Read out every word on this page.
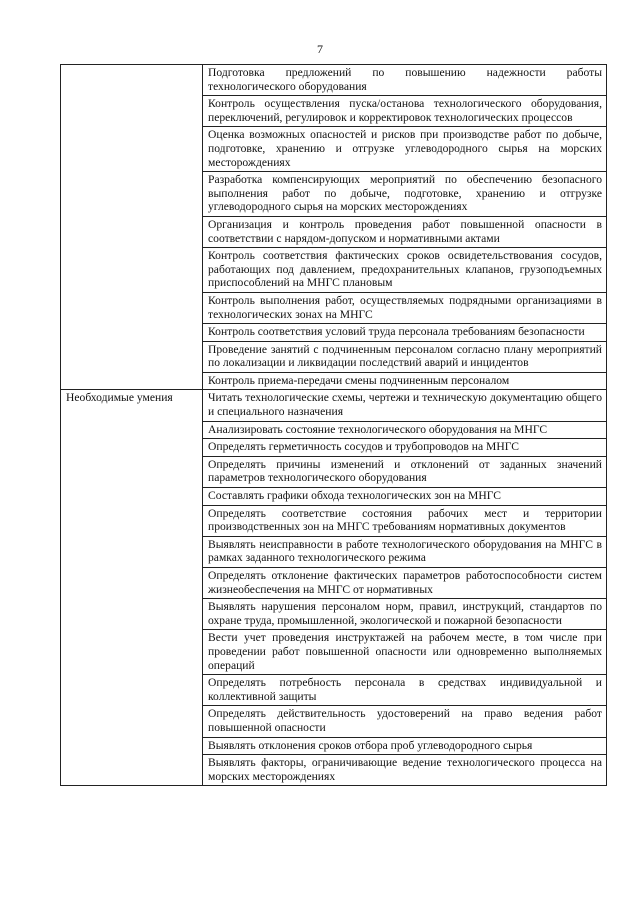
7
	Подготовка предложений по повышению надежности работы технологического оборудования
	Контроль осуществления пуска/останова технологического оборудования, переключений, регулировок и корректировок технологических процессов
	Оценка возможных опасностей и рисков при производстве работ по добыче, подготовке, хранению и отгрузке углеводородного сырья на морских месторождениях
	Разработка компенсирующих мероприятий по обеспечению безопасного выполнения работ по добыче, подготовке, хранению и отгрузке углеводородного сырья на морских месторождениях
	Организация и контроль проведения работ повышенной опасности в соответствии с нарядом-допуском и нормативными актами
	Контроль соответствия фактических сроков освидетельствования сосудов, работающих под давлением, предохранительных клапанов, грузоподъемных приспособлений на МНГС плановым
	Контроль выполнения работ, осуществляемых подрядными организациями в технологических зонах на МНГС
	Контроль соответствия условий труда персонала требованиям безопасности
	Проведение занятий с подчиненным персоналом согласно плану мероприятий по локализации и ликвидации последствий аварий и инцидентов
	Контроль приема-передачи смены подчиненным персоналом
Необходимые умения	Читать технологические схемы, чертежи и техническую документацию общего и специального назначения
	Анализировать состояние технологического оборудования на МНГС
	Определять герметичность сосудов и трубопроводов на МНГС
	Определять причины изменений и отклонений от заданных значений параметров технологического оборудования
	Составлять графики обхода технологических зон на МНГС
	Определять соответствие состояния рабочих мест и территории производственных зон на МНГС требованиям нормативных документов
	Выявлять неисправности в работе технологического оборудования на МНГС в рамках заданного технологического режима
	Определять отклонение фактических параметров работоспособности систем жизнеобеспечения на МНГС от нормативных
	Выявлять нарушения персоналом норм, правил, инструкций, стандартов по охране труда, промышленной, экологической и пожарной безопасности
	Вести учет проведения инструктажей на рабочем месте, в том числе при проведении работ повышенной опасности или одновременно выполняемых операций
	Определять потребность персонала в средствах индивидуальной и коллективной защиты
	Определять действительность удостоверений на право ведения работ повышенной опасности
	Выявлять отклонения сроков отбора проб углеводородного сырья
	Выявлять факторы, ограничивающие ведение технологического процесса на морских месторождениях
